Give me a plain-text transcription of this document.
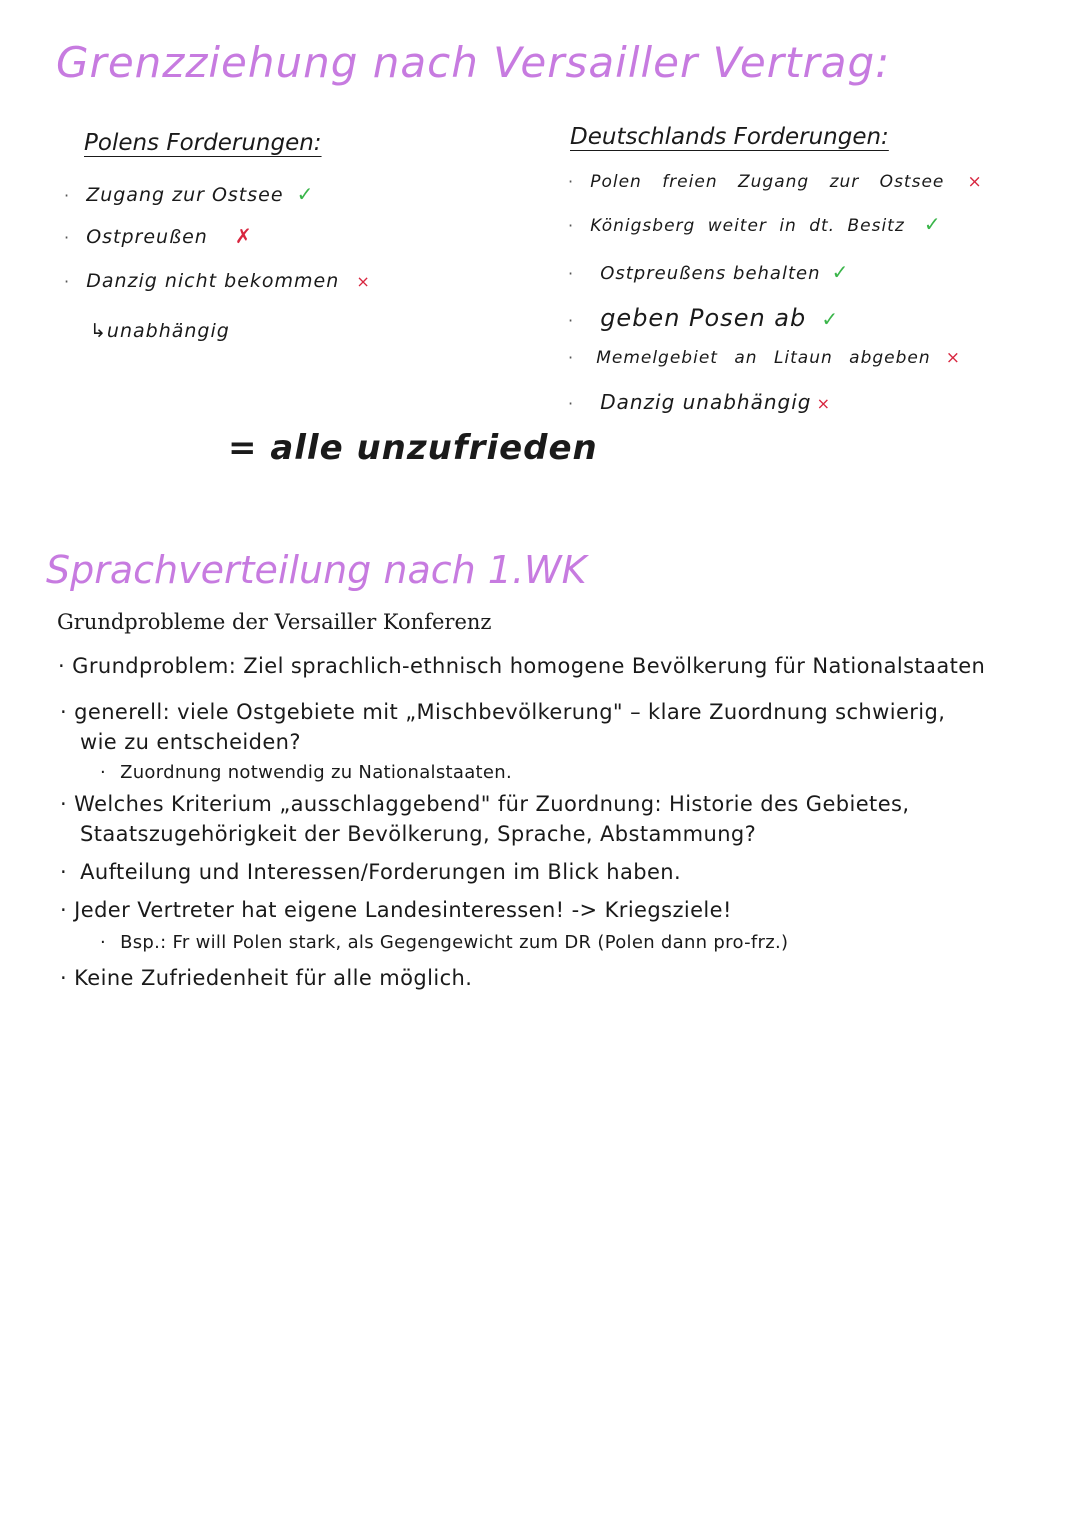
Grenzziehung nach Versailler Vertrag:
Polens Forderungen:
· Zugang zur Ostsee ✓
· Ostpreußen ✗
· Danzig nicht bekommen ×
↳unabhängig
Deutschlands Forderungen:
· Polen freien Zugang zur Ostsee ×
· Königsberg weiter in dt. Besitz ✓
· Ostpreußens behalten ✓
· geben Posen ab ✓
· Memelgebiet an Litaun abgeben ×
· Danzig unabhängig ×
= alle unzufrieden
Sprachverteilung nach 1.WK
Grundprobleme der Versailler Konferenz
· Grundproblem: Ziel sprachlich-ethnisch homogene Bevölkerung für Nationalstaaten
· generell: viele Ostgebiete mit „Mischbevölkerung" – klare Zuordnung schwierig,
wie zu entscheiden?
· Zuordnung notwendig zu Nationalstaaten.
· Welches Kriterium „ausschlaggebend" für Zuordnung: Historie des Gebietes,
Staatszugehörigkeit der Bevölkerung, Sprache, Abstammung?
· Aufteilung und Interessen/Forderungen im Blick haben.
· Jeder Vertreter hat eigene Landesinteressen! -> Kriegsziele!
· Bsp.: Fr will Polen stark, als Gegengewicht zum DR (Polen dann pro-frz.)
· Keine Zufriedenheit für alle möglich.
